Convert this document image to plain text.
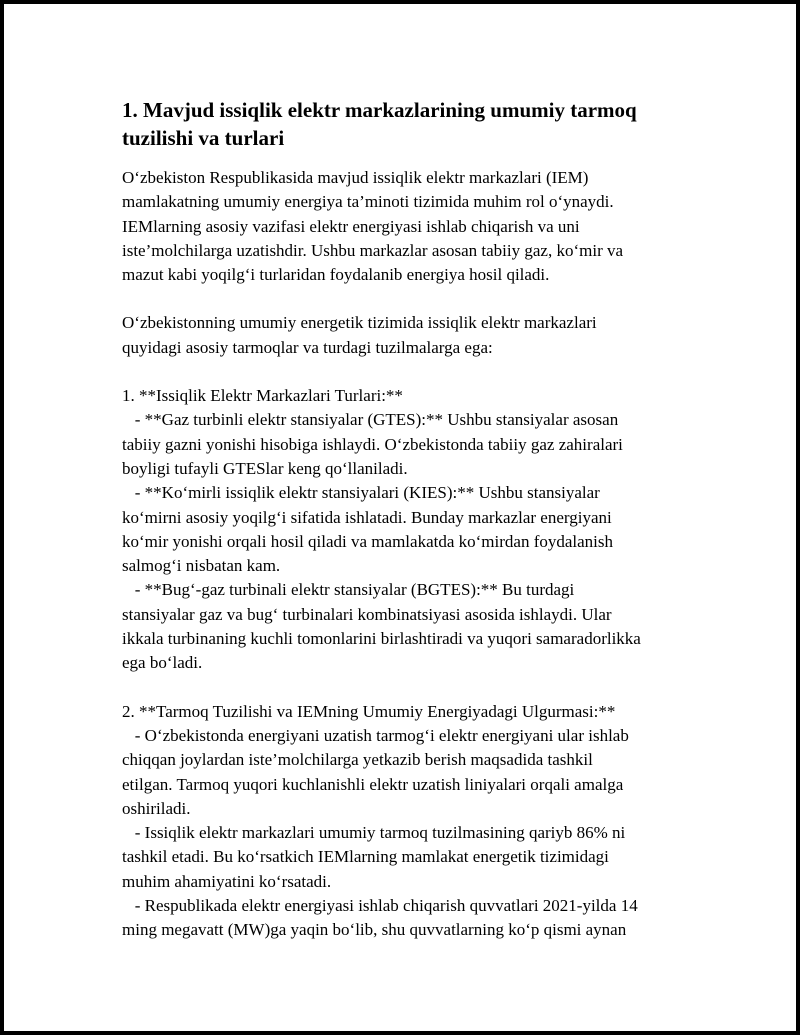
1. Mavjud issiqlik elektr markazlarining umumiy tarmoq
tuzilishi va turlari

O‘zbekiston Respublikasida mavjud issiqlik elektr markazlari (IEM)
mamlakatning umumiy energiya ta’minoti tizimida muhim rol o‘ynaydi.
IEMlarning asosiy vazifasi elektr energiyasi ishlab chiqarish va uni
iste’molchilarga uzatishdir. Ushbu markazlar asosan tabiiy gaz, ko‘mir va
mazut kabi yoqilg‘i turlaridan foydalanib energiya hosil qiladi.

O‘zbekistonning umumiy energetik tizimida issiqlik elektr markazlari
quyidagi asosiy tarmoqlar va turdagi tuzilmalarga ega:

1. **Issiqlik Elektr Markazlari Turlari:**
- **Gaz turbinli elektr stansiyalar (GTES):** Ushbu stansiyalar asosan
tabiiy gazni yonishi hisobiga ishlaydi. O‘zbekistonda tabiiy gaz zahiralari
boyligi tufayli GTESlar keng qo‘llaniladi.
- **Ko‘mirli issiqlik elektr stansiyalari (KIES):** Ushbu stansiyalar
ko‘mirni asosiy yoqilg‘i sifatida ishlatadi. Bunday markazlar energiyani
ko‘mir yonishi orqali hosil qiladi va mamlakatda ko‘mirdan foydalanish
salmog‘i nisbatan kam.
- **Bug‘-gaz turbinali elektr stansiyalar (BGTES):** Bu turdagi
stansiyalar gaz va bug‘ turbinalari kombinatsiyasi asosida ishlaydi. Ular
ikkala turbinaning kuchli tomonlarini birlashtiradi va yuqori samaradorlikka
ega bo‘ladi.

2. **Tarmoq Tuzilishi va IEMning Umumiy Energiyadagi Ulgurmasi:**
- O‘zbekistonda energiyani uzatish tarmog‘i elektr energiyani ular ishlab
chiqqan joylardan iste’molchilarga yetkazib berish maqsadida tashkil
etilgan. Tarmoq yuqori kuchlanishli elektr uzatish liniyalari orqali amalga
oshiriladi.
- Issiqlik elektr markazlari umumiy tarmoq tuzilmasining qariyb 86% ni
tashkil etadi. Bu ko‘rsatkich IEMlarning mamlakat energetik tizimidagi
muhim ahamiyatini ko‘rsatadi.
- Respublikada elektr energiyasi ishlab chiqarish quvvatlari 2021-yilda 14
ming megavatt (MW)ga yaqin bo‘lib, shu quvvatlarning ko‘p qismi aynan
